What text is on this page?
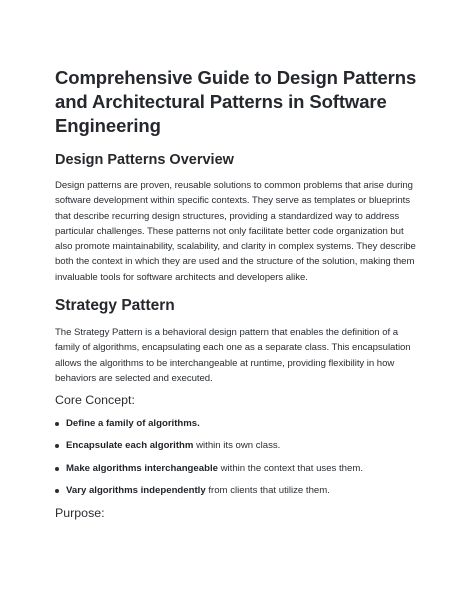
Comprehensive Guide to Design Patterns and Architectural Patterns in Software Engineering
Design Patterns Overview

Design patterns are proven, reusable solutions to common problems that arise during software development within specific contexts. They serve as templates or blueprints that describe recurring design structures, providing a standardized way to address particular challenges. These patterns not only facilitate better code organization but also promote maintainability, scalability, and clarity in complex systems. They describe both the context in which they are used and the structure of the solution, making them invaluable tools for software architects and developers alike.

Strategy Pattern

The Strategy Pattern is a behavioral design pattern that enables the definition of a family of algorithms, encapsulating each one as a separate class. This encapsulation allows the algorithms to be interchangeable at runtime, providing flexibility in how behaviors are selected and executed.

Core Concept:
Define a family of algorithms.
Encapsulate each algorithm within its own class.
Make algorithms interchangeable within the context that uses them.
Vary algorithms independently from clients that utilize them.
Purpose:
